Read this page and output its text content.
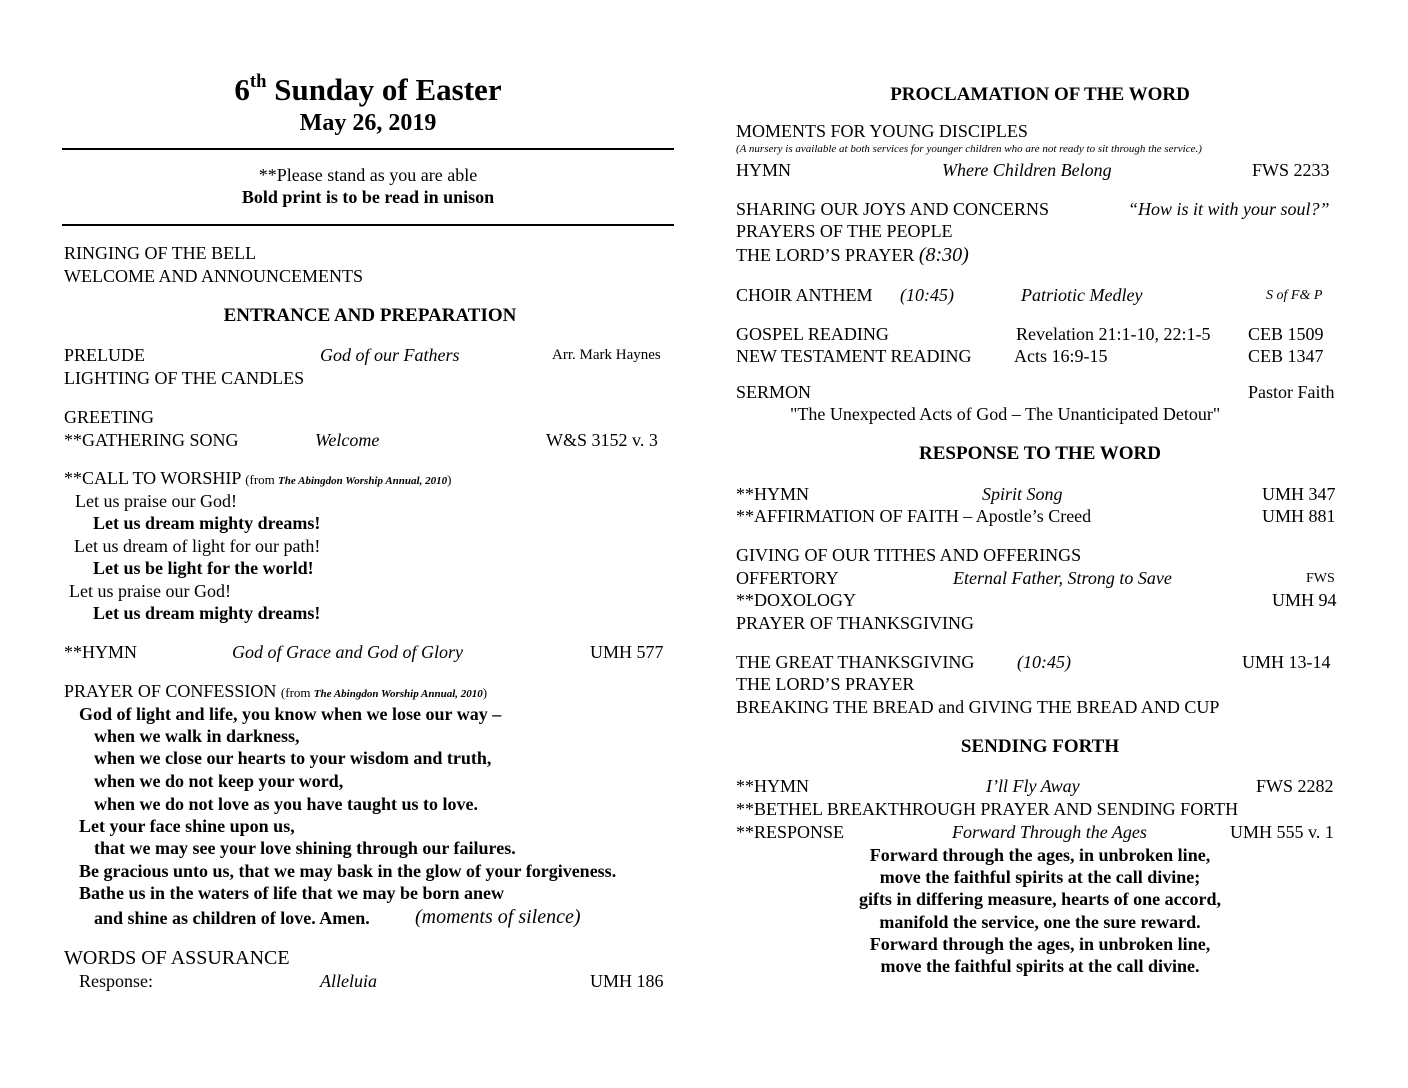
6th Sunday of Easter
May 26, 2019
**Please stand as you are able
Bold print is to be read in unison
RINGING OF THE BELL
WELCOME AND ANNOUNCEMENTS
ENTRANCE AND PREPARATION
PRELUDE	God of our Fathers	Arr. Mark Haynes
LIGHTING OF THE CANDLES
GREETING
**GATHERING SONG	Welcome	W&S 3152 v. 3
**CALL TO WORSHIP (from The Abingdon Worship Annual, 2010)
Let us praise our God!
Let us dream mighty dreams!
Let us dream of light for our path!
Let us be light for the world!
Let us praise our God!
Let us dream mighty dreams!
**HYMN	God of Grace and God of Glory	UMH 577
PRAYER OF CONFESSION (from The Abingdon Worship Annual, 2010)
God of light and life, you know when we lose our way –
when we walk in darkness,
when we close our hearts to your wisdom and truth,
when we do not keep your word,
when we do not love as you have taught us to love.
Let your face shine upon us,
that we may see your love shining through our failures.
Be gracious unto us, that we may bask in the glow of your forgiveness.
Bathe us in the waters of life that we may be born anew
and shine as children of love. Amen. (moments of silence)
WORDS OF ASSURANCE
Response:	Alleluia	UMH 186
PROCLAMATION OF THE WORD
MOMENTS FOR YOUNG DISCIPLES
(A nursery is available at both services for younger children who are not ready to sit through the service.)
HYMN	Where Children Belong	FWS 2233
SHARING OUR JOYS AND CONCERNS	“How is it with your soul?”
PRAYERS OF THE PEOPLE
THE LORD’S PRAYER (8:30)
CHOIR ANTHEM (10:45)	Patriotic Medley	S of F& P
GOSPEL READING	Revelation 21:1-10, 22:1-5 CEB 1509
NEW TESTAMENT READING Acts 16:9-15	CEB 1347
SERMON	Pastor Faith
"The Unexpected Acts of God – The Unanticipated Detour"
RESPONSE TO THE WORD
**HYMN	Spirit Song	UMH 347
**AFFIRMATION OF FAITH – Apostle’s Creed	UMH 881
GIVING OF OUR TITHES AND OFFERINGS
OFFERTORY	Eternal Father, Strong to Save	FWS
**DOXOLOGY	UMH 94
PRAYER OF THANKSGIVING
THE GREAT THANKSGIVING (10:45)	UMH 13-14
THE LORD’S PRAYER
BREAKING THE BREAD and GIVING THE BREAD AND CUP
SENDING FORTH
**HYMN	I’ll Fly Away	FWS 2282
**BETHEL BREAKTHROUGH PRAYER AND SENDING FORTH
**RESPONSE	Forward Through the Ages	UMH 555 v. 1
Forward through the ages, in unbroken line,
move the faithful spirits at the call divine;
gifts in differing measure, hearts of one accord,
manifold the service, one the sure reward.
Forward through the ages, in unbroken line,
move the faithful spirits at the call divine.
